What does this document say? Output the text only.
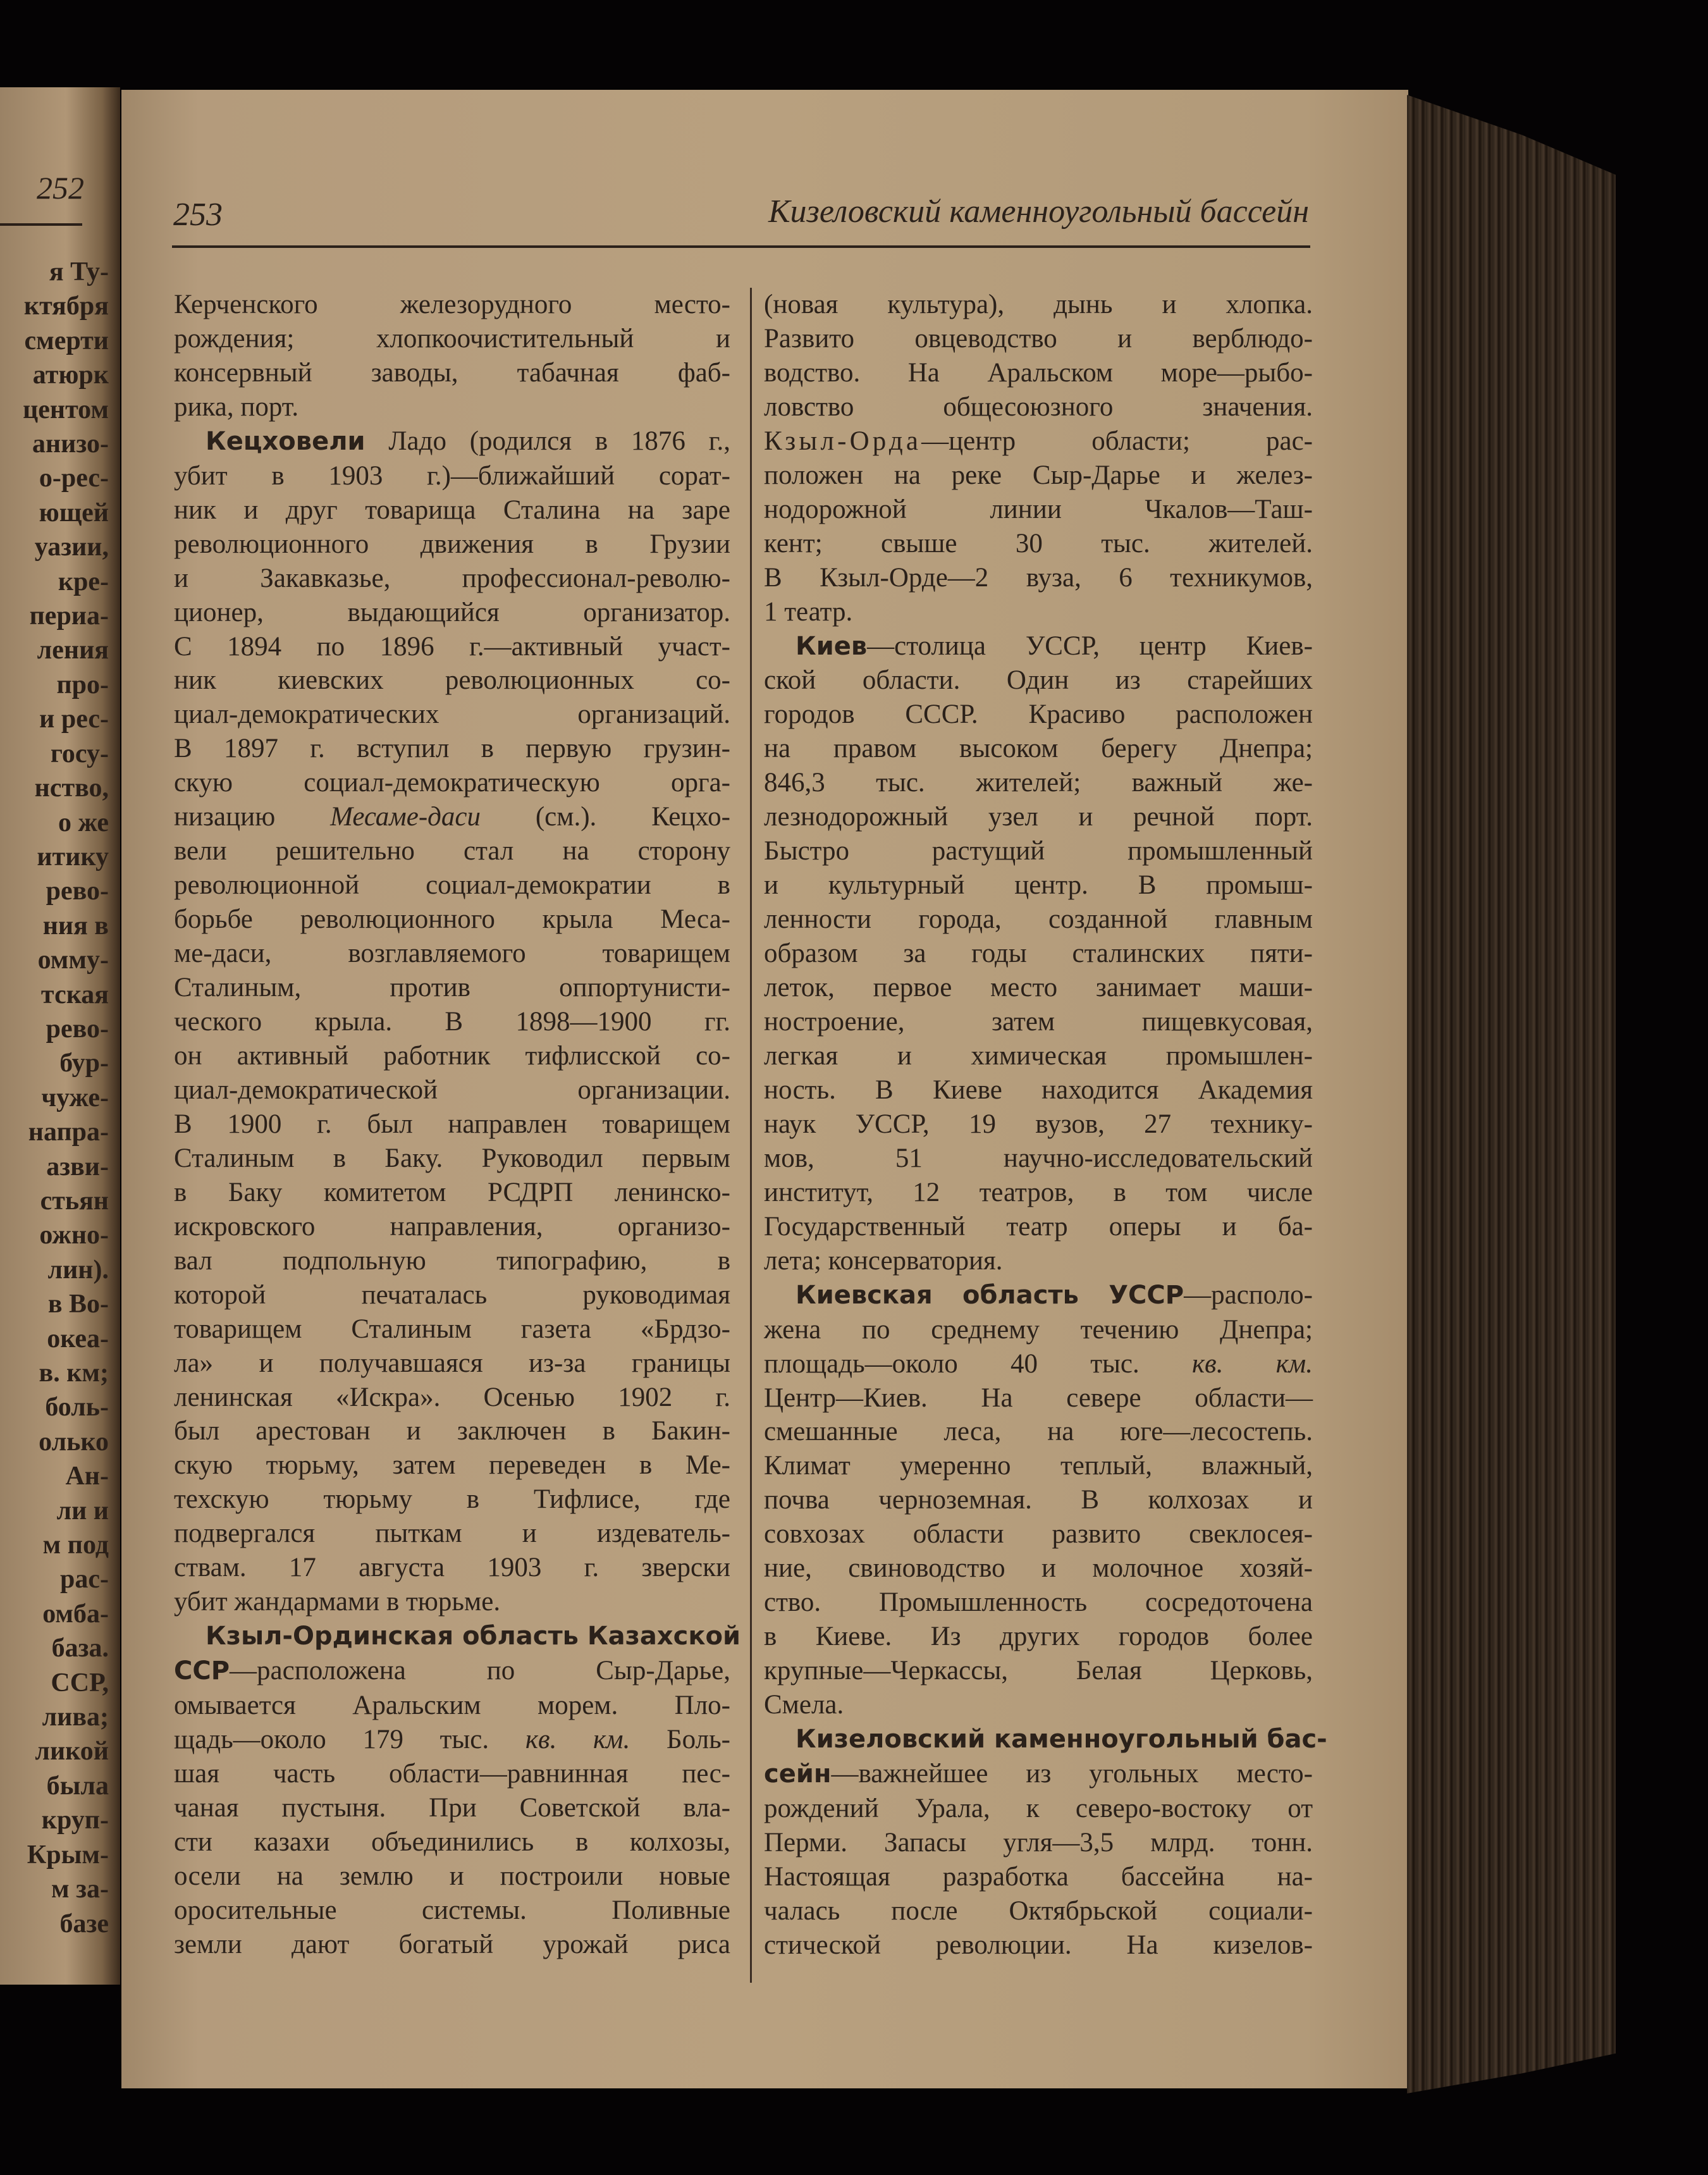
252
я Ту-
ктября
смерти
атюрк
центом
анизо-
о-рес-
ющей
уазии,
кре-
периа-
ления
про-
и рес-
госу-
нство,
о же
итику
рево-
ния в
омму-
тская
рево-
бур-
чуже-
напра-
азви-
стьян
ожно-
лин).
в Во-
океа-
в. км;
боль-
олько
Ан-
ли и
м под
рас-
омба-
база.
ССР,
лива;
ликой
была
круп-
Крым-
м за-
базе
253	Кизеловский каменноугольный бассейн
Керченского железорудного место-
рождения; хлопкоочистительный и
консервный заводы, табачная фаб-
рика, порт.
Кецховели Ладо (родился в 1876 г.,
убит в 1903 г.)—ближайший сорат-
ник и друг товарища Сталина на заре
революционного движения в Грузии
и Закавказье, профессионал-револю-
ционер, выдающийся организатор.
С 1894 по 1896 г.—активный участ-
ник киевских революционных со-
циал-демократических организаций.
В 1897 г. вступил в первую грузин-
скую социал-демократическую орга-
низацию Месаме-даси (см.). Кецхо-
вели решительно стал на сторону
революционной социал-демократии в
борьбе революционного крыла Меса-
ме-даси, возглавляемого товарищем
Сталиным, против оппортунисти-
ческого крыла. В 1898—1900 гг.
он активный работник тифлисской со-
циал-демократической организации.
В 1900 г. был направлен товарищем
Сталиным в Баку. Руководил первым
в Баку комитетом РСДРП ленинско-
искровского направления, организо-
вал подпольную типографию, в
которой печаталась руководимая
товарищем Сталиным газета «Брдзо-
ла» и получавшаяся из-за границы
ленинская «Искра». Осенью 1902 г.
был арестован и заключен в Бакин-
скую тюрьму, затем переведен в Ме-
техскую тюрьму в Тифлисе, где
подвергался пыткам и издеватель-
ствам. 17 августа 1903 г. зверски
убит жандармами в тюрьме.
Кзыл-Ординская область Казахской
ССР—расположена по Сыр-Дарье,
омывается Аральским морем. Пло-
щадь—около 179 тыс. кв. км. Боль-
шая часть области—равнинная пес-
чаная пустыня. При Советской вла-
сти казахи объединились в колхозы,
осели на землю и построили новые
оросительные системы. Поливные
земли дают богатый урожай риса
(новая культура), дынь и хлопка.
Развито овцеводство и верблюдо-
водство. На Аральском море—рыбо-
ловство общесоюзного значения.
Кзыл-Орда—центр области; рас-
положен на реке Сыр-Дарье и желез-
нодорожной линии Чкалов—Таш-
кент; свыше 30 тыс. жителей.
В Кзыл-Орде—2 вуза, 6 техникумов,
1 театр.
Киев—столица УССР, центр Киев-
ской области. Один из старейших
городов СССР. Красиво расположен
на правом высоком берегу Днепра;
846,3 тыс. жителей; важный же-
лезнодорожный узел и речной порт.
Быстро растущий промышленный
и культурный центр. В промыш-
ленности города, созданной главным
образом за годы сталинских пяти-
леток, первое место занимает маши-
ностроение, затем пищевкусовая,
легкая и химическая промышлен-
ность. В Киеве находится Академия
наук УССР, 19 вузов, 27 техникy-
мов, 51 научно-исследовательский
институт, 12 театров, в том числе
Государственный театр оперы и ба-
лета; консерватория.
Киевская область УССР—располо-
жена по среднему течению Днепра;
площадь—около 40 тыс. кв. км.
Центр—Киев. На севере области—
смешанные леса, на юге—лесостепь.
Климат умеренно теплый, влажный,
почва черноземная. В колхозах и
совхозах области развито свеклосея-
ние, свиноводство и молочное хозяй-
ство. Промышленность сосредоточена
в Киеве. Из других городов более
крупные—Черкассы, Белая Церковь,
Смела.
Кизеловский каменноугольный бас-
сейн—важнейшее из угольных место-
рождений Урала, к северо-востоку от
Перми. Запасы угля—3,5 млрд. тонн.
Настоящая разработка бассейна на-
чалась после Октябрьской социали-
стической революции. На кизелов-
